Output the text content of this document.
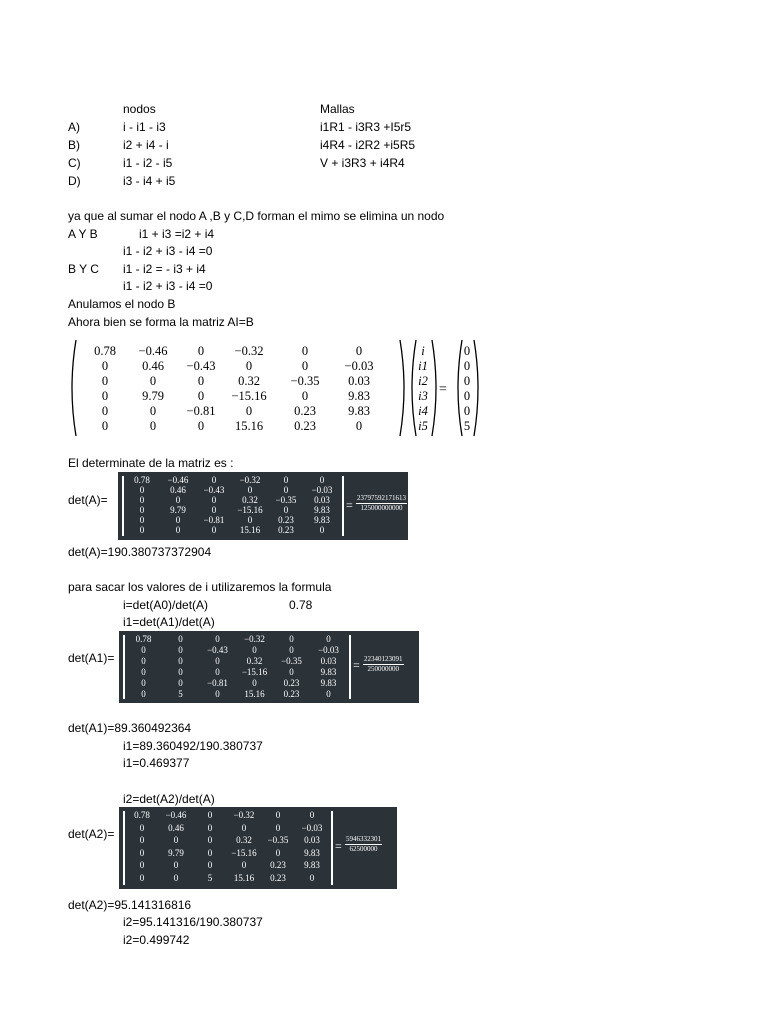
nodos	Mallas
A)	i - i1 - i3	i1R1 - i3R3 +I5r5
B)	i2 + i4 - i	i4R4 - i2R2 +i5R5
C)	i1 - i2 - i5	V + i3R3 + i4R4
D)	i3 - i4 + i5
ya que al sumar el nodo A ,B y C,D forman el mimo se elimina un nodo
A Y B	i1 + i3 =i2 + i4
i1 - i2 + i3 - i4 =0
B Y C i1 - i2 = - i3 + i4
i1 - i2 + i3 - i4 =0
Anulamos el nodo B
Ahora bien se forma la matriz AI=B
0.78	−0.46	0	−0.32	0	0
0	0.46	−0.43	0	0	−0.03
0	0	0	0.32	−0.35	0.03
0	9.79	0	−15.16	0	9.83
0	0	−0.81	0	0.23	9.83
0	0	0	15.16	0.23	0
i
i1
i2
i3
i4
i5
=
0
0
0
0
0
5
El determinate de la matriz es :
det(A)=
0.78	−0.46	0	−0.32	0	0
0	0.46	−0.43	0	0	−0.03
0	0	0	0.32	−0.35	0.03
0	9.79	0	−15.16	0	9.83
0	0	−0.81	0	0.23	9.83
0	0	0	15.16	0.23	0
= $\frac{23797592171613}{125000000000}$
det(A)=190.380737372904
para sacar los valores de i utilizaremos la formula
i=det(A0)/det(A)	0.78
i1=det(A1)/det(A)
det(A1)=
0.78	0	0	−0.32	0	0
0	0	−0.43	0	0	−0.03
0	0	0	0.32	−0.35	0.03
0	0	0	−15.16	0	9.83
0	0	−0.81	0	0.23	9.83
0	5	0	15.16	0.23	0
= $\frac{22340123091}{250000000}$
det(A1)=89.360492364
i1=89.360492/190.380737
i1=0.469377
i2=det(A2)/det(A)
det(A2)=
0.78	−0.46	0	−0.32	0	0
0	0.46	0	0	0	−0.03
0	0	0	0.32	−0.35	0.03
0	9.79	0	−15.16	0	9.83
0	0	0	0	0.23	9.83
0	0	5	15.16	0.23	0
= $\frac{5946332301}{62500000}$
det(A2)=95.141316816
i2=95.141316/190.380737
i2=0.499742
